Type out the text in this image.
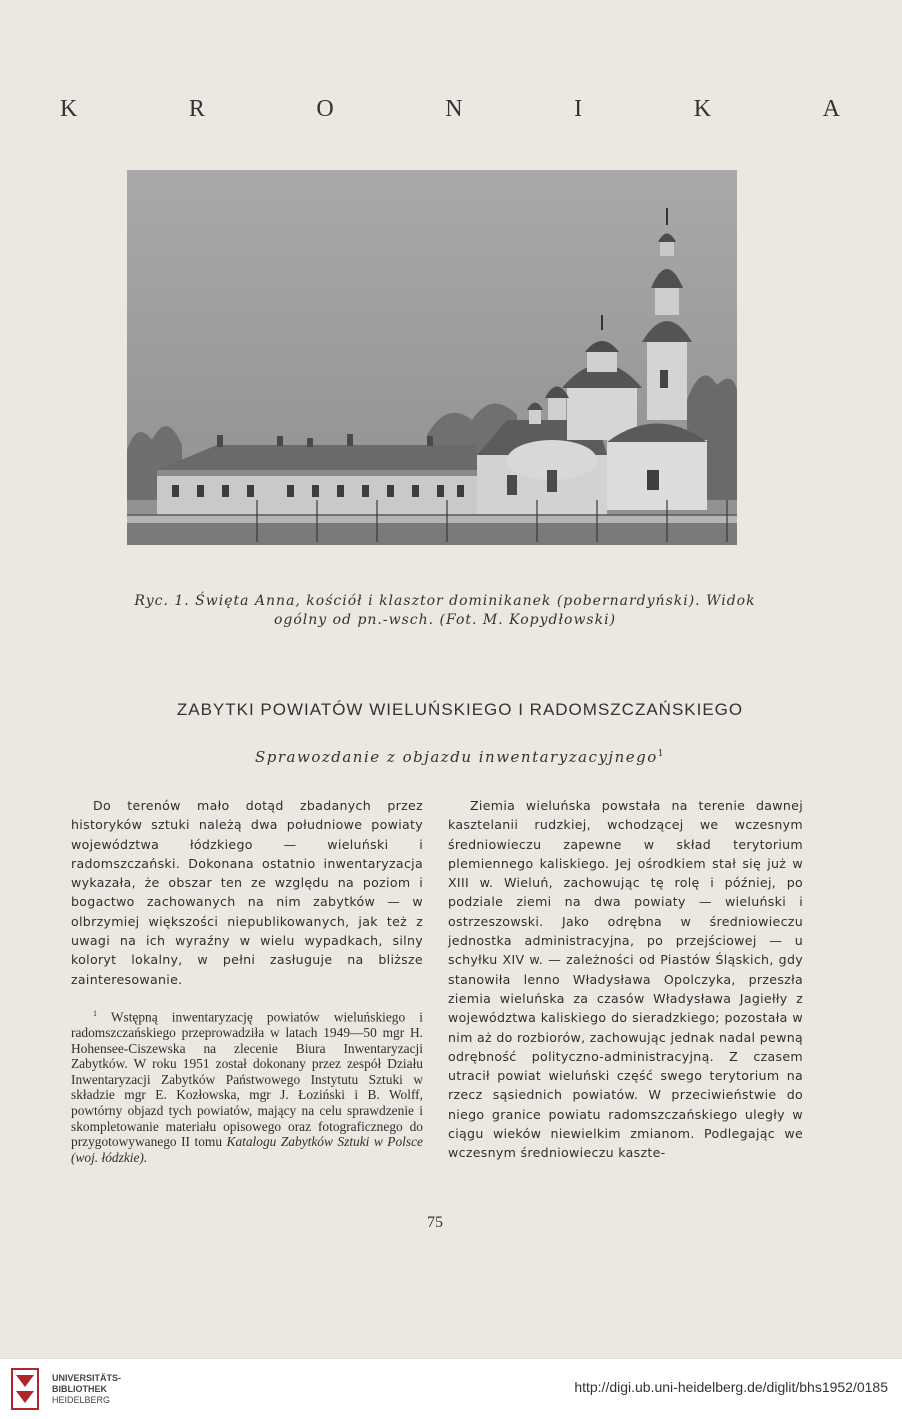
K	R	O	N	I	K	A
Ryc. 1. Święta Anna, kościół i klasztor dominikanek (pobernardyński). Widok
ogólny od pn.-wsch. (Fot. M. Kopydłowski)
ZABYTKI POWIATÓW WIELUŃSKIEGO I RADOMSZCZAŃSKIEGO
Sprawozdanie z objazdu inwentaryzacyjnego$^1$

Do terenów mało dotąd zbadanych przez historyków sztuki należą dwa południowe powiaty województwa łódzkiego — wieluński i radomszczański. Dokonana ostatnio inwentaryzacja wykazała, że obszar ten ze względu na poziom i bogactwo zachowanych na nim zabytków — w olbrzymiej większości niepublikowanych, jak też z uwagi na ich wyraźny w wielu wypadkach, silny koloryt lokalny, w pełni zasługuje na bliższe zainteresowanie.

$^1$ Wstępną inwentaryzację powiatów wieluńskiego i radomszczańskiego przeprowadziła w latach 1949—50 mgr H. Hohensee-Ciszewska na zlecenie Biura Inwentaryzacji Zabytków. W roku 1951 został dokonany przez zespół Działu Inwentaryzacji Zabytków Państwowego Instytutu Sztuki w składzie mgr E. Kozłowska, mgr J. Łoziński i B. Wolff, powtórny objazd tych powiatów, mający na celu sprawdzenie i skompletowanie materiału opisowego oraz fotograficznego do przygotowywanego II tomu Katalogu Zabytków Sztuki w Polsce (woj. łódzkie).

Ziemia wieluńska powstała na terenie dawnej kasztelanii rudzkiej, wchodzącej we wczesnym średniowieczu zapewne w skład terytorium plemiennego kaliskiego. Jej ośrodkiem stał się już w XIII w. Wieluń, zachowując tę rolę i później, po podziale ziemi na dwa powiaty — wieluński i ostrzeszowski. Jako odrębna w średniowieczu jednostka administracyjna, po przejściowej — u schyłku XIV w. — zależności od Piastów Śląskich, gdy stanowiła lenno Władysława Opolczyka, przeszła ziemia wieluńska za czasów Władysława Jagiełły z województwa kaliskiego do sieradzkiego; pozostała w nim aż do rozbiorów, zachowując jednak nadal pewną odrębność polityczno-administracyjną. Z czasem utracił powiat wieluński część swego terytorium na rzecz sąsiednich powiatów. W przeciwieństwie do niego granice powiatu radomszczańskiego uległy w ciągu wieków niewielkim zmianom. Podlegając we wczesnym średniowieczu kaszte-

75
UNIVERSITÄTS-
BIBLIOTHEK
HEIDELBERG
http://digi.ub.uni-heidelberg.de/diglit/bhs1952/0185
